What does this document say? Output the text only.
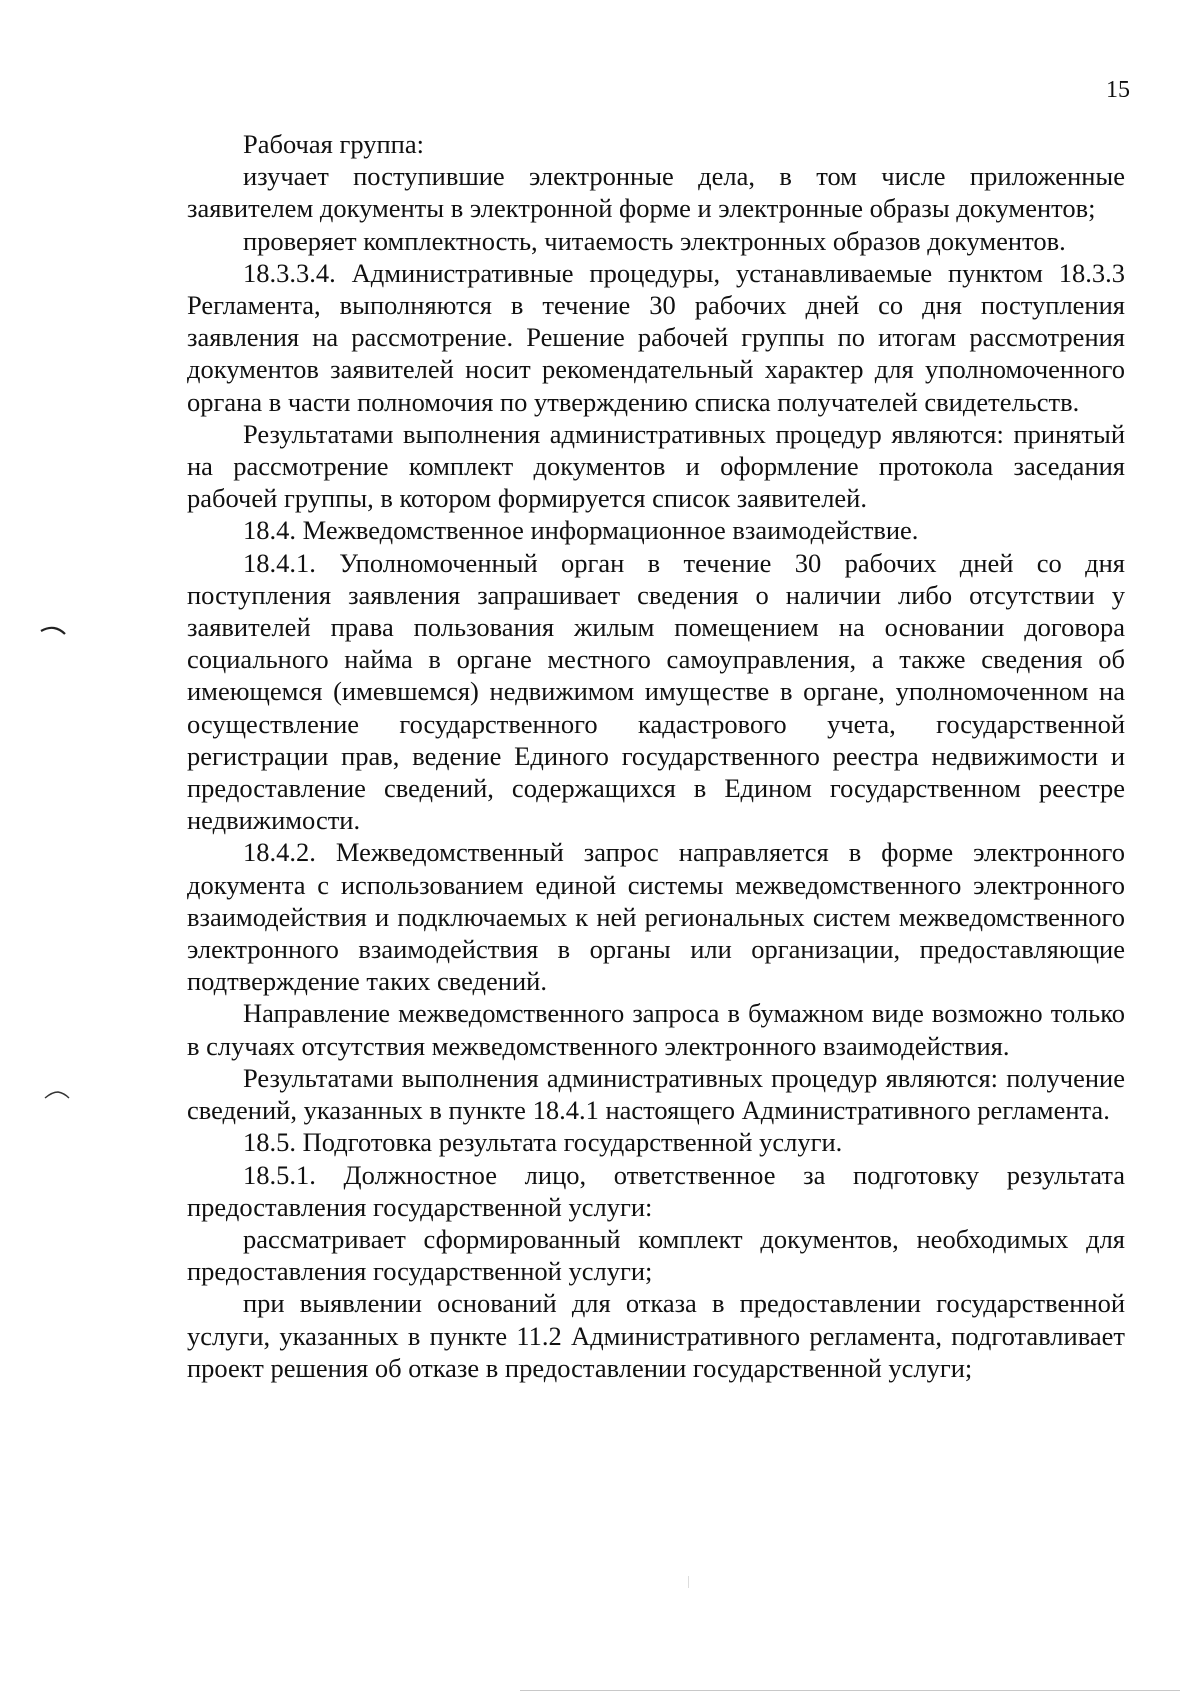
15

Рабочая группа:

изучает поступившие электронные дела, в том числе приложенные заявителем документы в электронной форме и электронные образы документов;

проверяет комплектность, читаемость электронных образов документов.

18.3.3.4. Административные процедуры, устанавливаемые пунктом 18.3.3 Регламента, выполняются в течение 30 рабочих дней со дня поступления заявления на рассмотрение. Решение рабочей группы по итогам рассмотрения документов заявителей носит рекомендательный характер для уполномоченного органа в части полномочия по утверждению списка получателей свидетельств.

Результатами выполнения административных процедур являются: принятый на рассмотрение комплект документов и оформление протокола заседания рабочей группы, в котором формируется список заявителей.

18.4. Межведомственное информационное взаимодействие.

18.4.1. Уполномоченный орган в течение 30 рабочих дней со дня поступления заявления запрашивает сведения о наличии либо отсутствии у заявителей права пользования жилым помещением на основании договора социального найма в органе местного самоуправления, а также сведения об имеющемся (имевшемся) недвижимом имуществе в органе, уполномоченном на осуществление государственного кадастрового учета, государственной регистрации прав, ведение Единого государственного реестра недвижимости и предоставление сведений, содержащихся в Едином государственном реестре недвижимости.

18.4.2. Межведомственный запрос направляется в форме электронного документа с использованием единой системы межведомственного электронного взаимодействия и подключаемых к ней региональных систем межведомственного электронного взаимодействия в органы или организации, предоставляющие подтверждение таких сведений.

Направление межведомственного запроса в бумажном виде возможно только в случаях отсутствия межведомственного электронного взаимодействия.

Результатами выполнения административных процедур являются: получение сведений, указанных в пункте 18.4.1 настоящего Административного регламента.

18.5. Подготовка результата государственной услуги.

18.5.1. Должностное лицо, ответственное за подготовку результата предоставления государственной услуги:

рассматривает сформированный комплект документов, необходимых для предоставления государственной услуги;

при выявлении оснований для отказа в предоставлении государственной услуги, указанных в пункте 11.2 Административного регламента, подготавливает проект решения об отказе в предоставлении государственной услуги;
